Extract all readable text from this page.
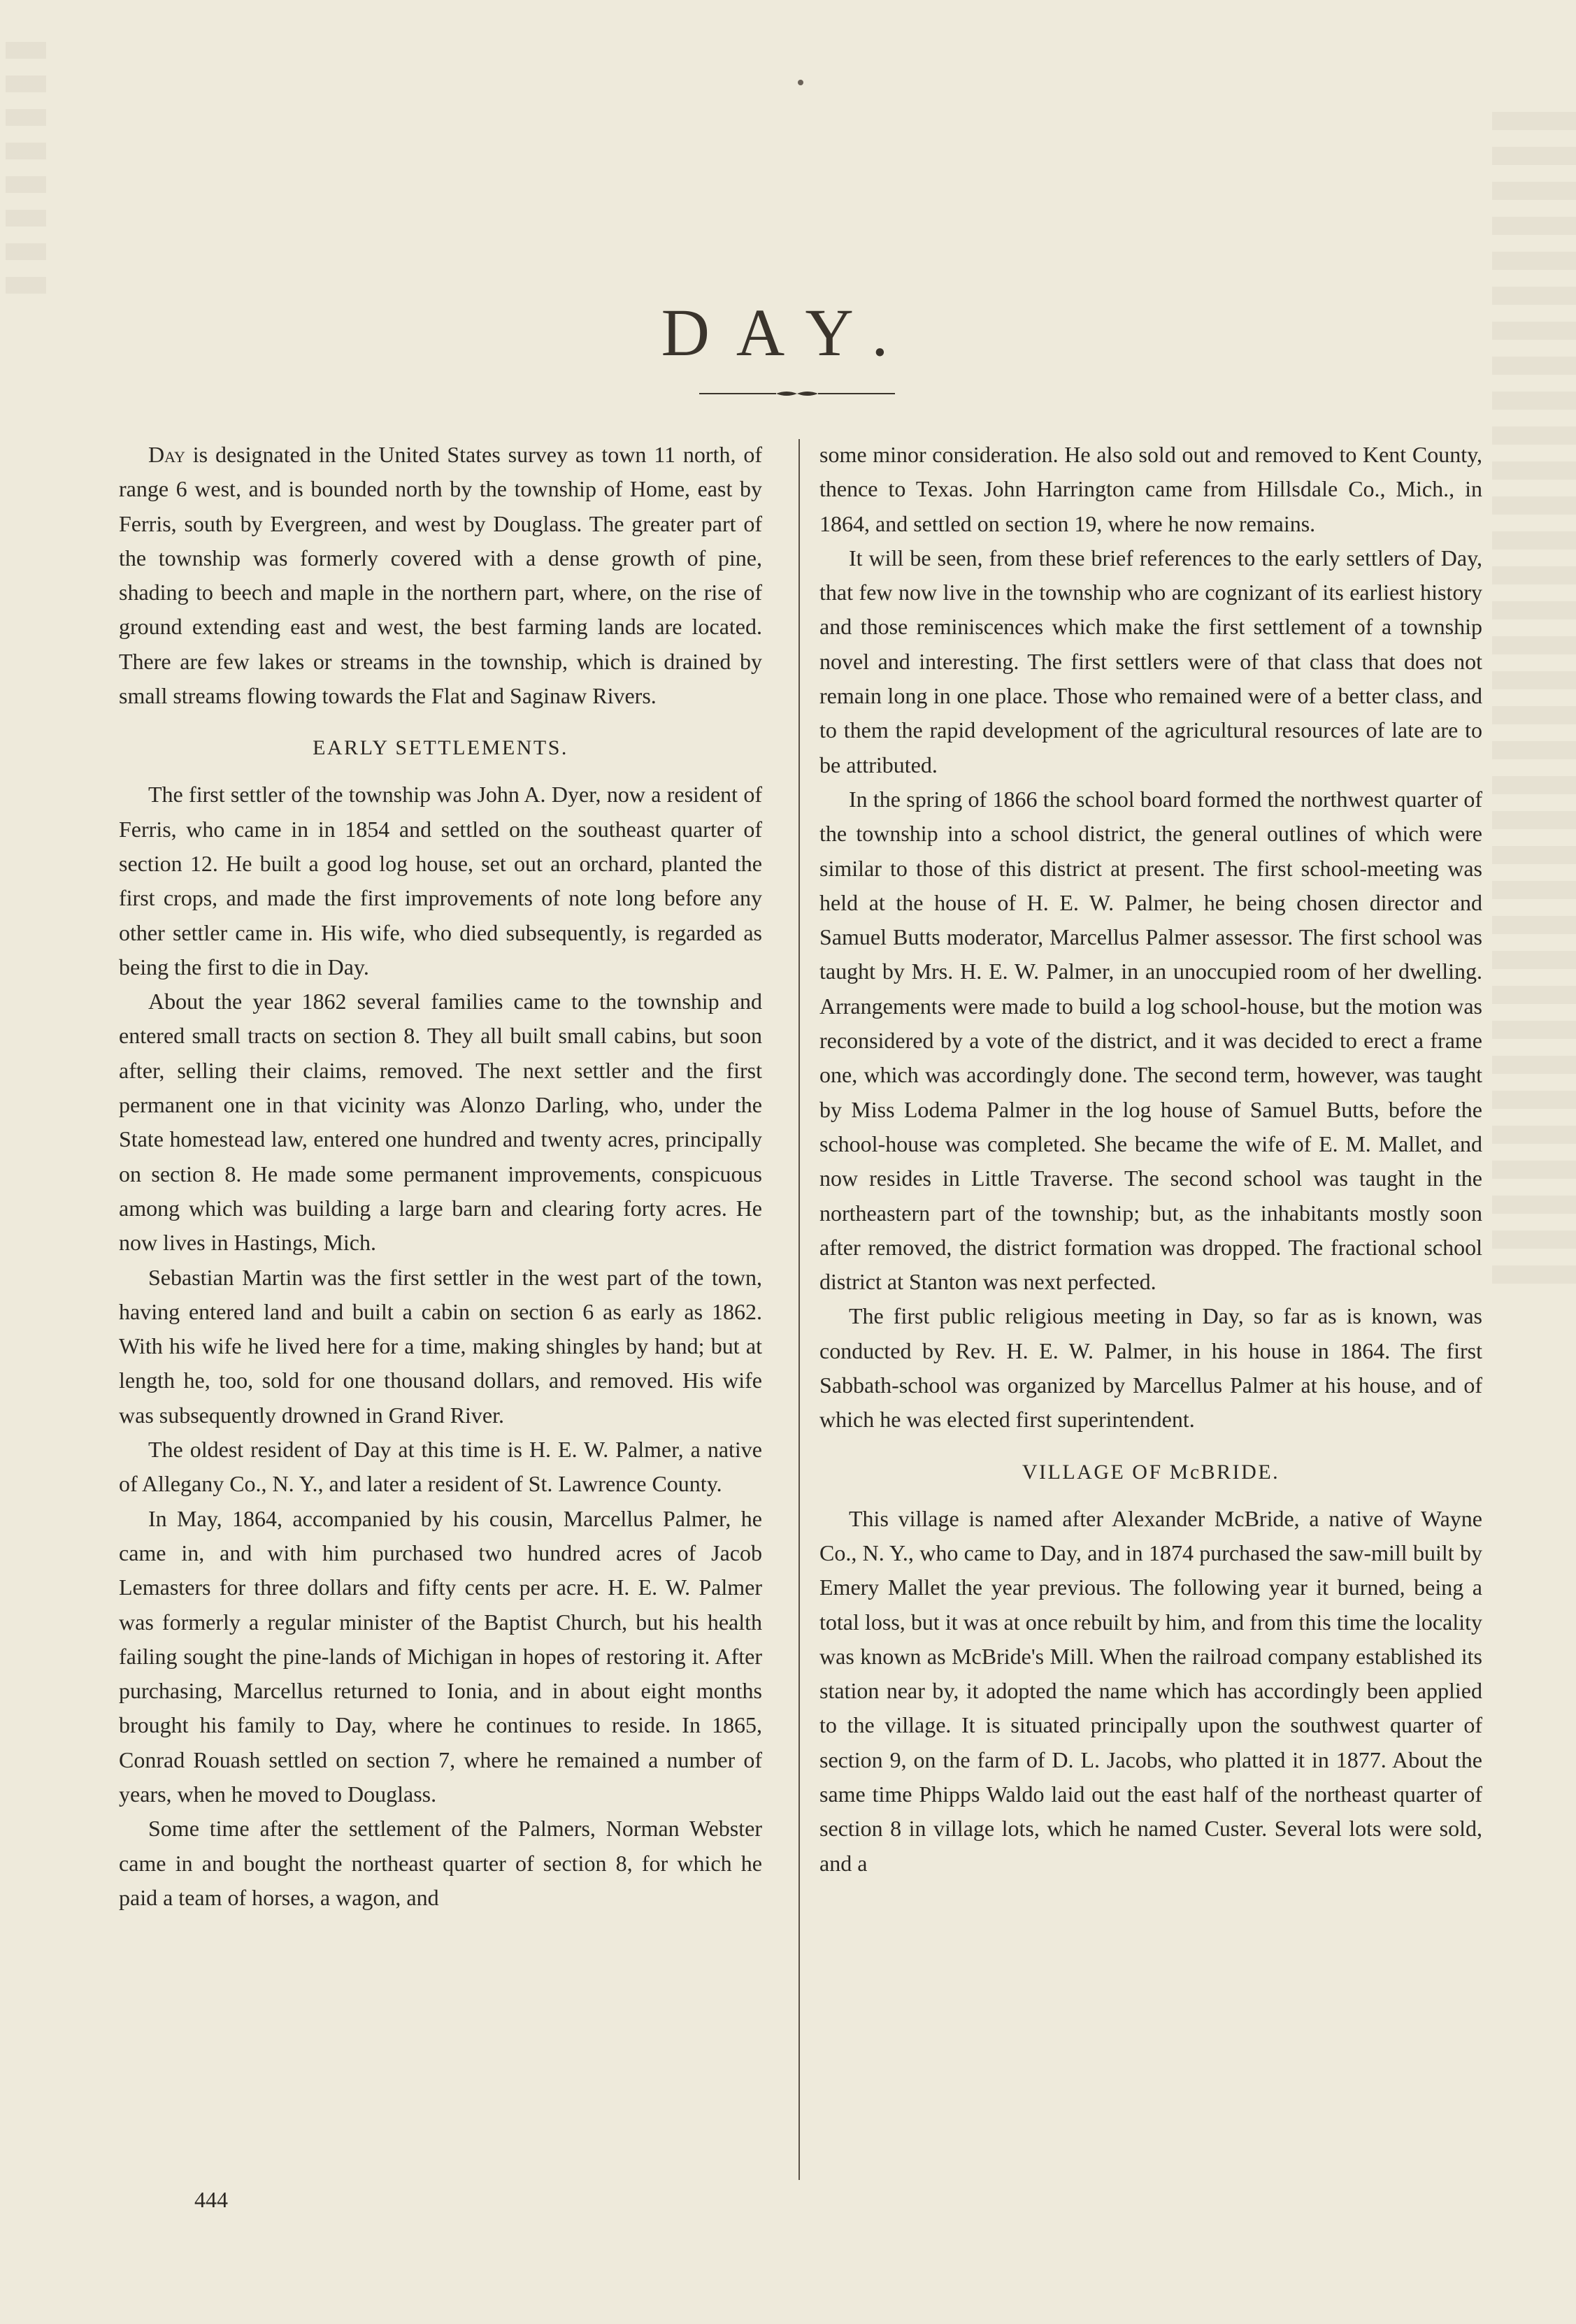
DAY.

Day is designated in the United States survey as town 11 north, of range 6 west, and is bounded north by the township of Home, east by Ferris, south by Evergreen, and west by Douglass. The greater part of the township was formerly covered with a dense growth of pine, shading to beech and maple in the northern part, where, on the rise of ground extending east and west, the best farming lands are located. There are few lakes or streams in the township, which is drained by small streams flowing towards the Flat and Saginaw Rivers.

EARLY SETTLEMENTS.

The first settler of the township was John A. Dyer, now a resident of Ferris, who came in in 1854 and settled on the southeast quarter of section 12. He built a good log house, set out an orchard, planted the first crops, and made the first improvements of note long before any other settler came in. His wife, who died subsequently, is regarded as being the first to die in Day.

About the year 1862 several families came to the township and entered small tracts on section 8. They all built small cabins, but soon after, selling their claims, removed. The next settler and the first permanent one in that vicinity was Alonzo Darling, who, under the State homestead law, entered one hundred and twenty acres, principally on section 8. He made some permanent improvements, conspicuous among which was building a large barn and clearing forty acres. He now lives in Hastings, Mich.

Sebastian Martin was the first settler in the west part of the town, having entered land and built a cabin on section 6 as early as 1862. With his wife he lived here for a time, making shingles by hand; but at length he, too, sold for one thousand dollars, and removed. His wife was subsequently drowned in Grand River.

The oldest resident of Day at this time is H. E. W. Palmer, a native of Allegany Co., N. Y., and later a resident of St. Lawrence County.

In May, 1864, accompanied by his cousin, Marcellus Palmer, he came in, and with him purchased two hundred acres of Jacob Lemasters for three dollars and fifty cents per acre. H. E. W. Palmer was formerly a regular minister of the Baptist Church, but his health failing sought the pine-lands of Michigan in hopes of restoring it. After purchasing, Marcellus returned to Ionia, and in about eight months brought his family to Day, where he continues to reside. In 1865, Conrad Rouash settled on section 7, where he remained a number of years, when he moved to Douglass.

Some time after the settlement of the Palmers, Norman Webster came in and bought the northeast quarter of section 8, for which he paid a team of horses, a wagon, and

some minor consideration. He also sold out and removed to Kent County, thence to Texas. John Harrington came from Hillsdale Co., Mich., in 1864, and settled on section 19, where he now remains.

It will be seen, from these brief references to the early settlers of Day, that few now live in the township who are cognizant of its earliest history and those reminiscences which make the first settlement of a township novel and interesting. The first settlers were of that class that does not remain long in one place. Those who remained were of a better class, and to them the rapid development of the agricultural resources of late are to be attributed.

In the spring of 1866 the school board formed the northwest quarter of the township into a school district, the general outlines of which were similar to those of this district at present. The first school-meeting was held at the house of H. E. W. Palmer, he being chosen director and Samuel Butts moderator, Marcellus Palmer assessor. The first school was taught by Mrs. H. E. W. Palmer, in an unoccupied room of her dwelling. Arrangements were made to build a log school-house, but the motion was reconsidered by a vote of the district, and it was decided to erect a frame one, which was accordingly done. The second term, however, was taught by Miss Lodema Palmer in the log house of Samuel Butts, before the school-house was completed. She became the wife of E. M. Mallet, and now resides in Little Traverse. The second school was taught in the northeastern part of the township; but, as the inhabitants mostly soon after removed, the district formation was dropped. The fractional school district at Stanton was next perfected.

The first public religious meeting in Day, so far as is known, was conducted by Rev. H. E. W. Palmer, in his house in 1864. The first Sabbath-school was organized by Marcellus Palmer at his house, and of which he was elected first superintendent.

VILLAGE OF McBRIDE.

This village is named after Alexander McBride, a native of Wayne Co., N. Y., who came to Day, and in 1874 purchased the saw-mill built by Emery Mallet the year previous. The following year it burned, being a total loss, but it was at once rebuilt by him, and from this time the locality was known as McBride's Mill. When the railroad company established its station near by, it adopted the name which has accordingly been applied to the village. It is situated principally upon the southwest quarter of section 9, on the farm of D. L. Jacobs, who platted it in 1877. About the same time Phipps Waldo laid out the east half of the northeast quarter of section 8 in village lots, which he named Custer. Several lots were sold, and a

444
